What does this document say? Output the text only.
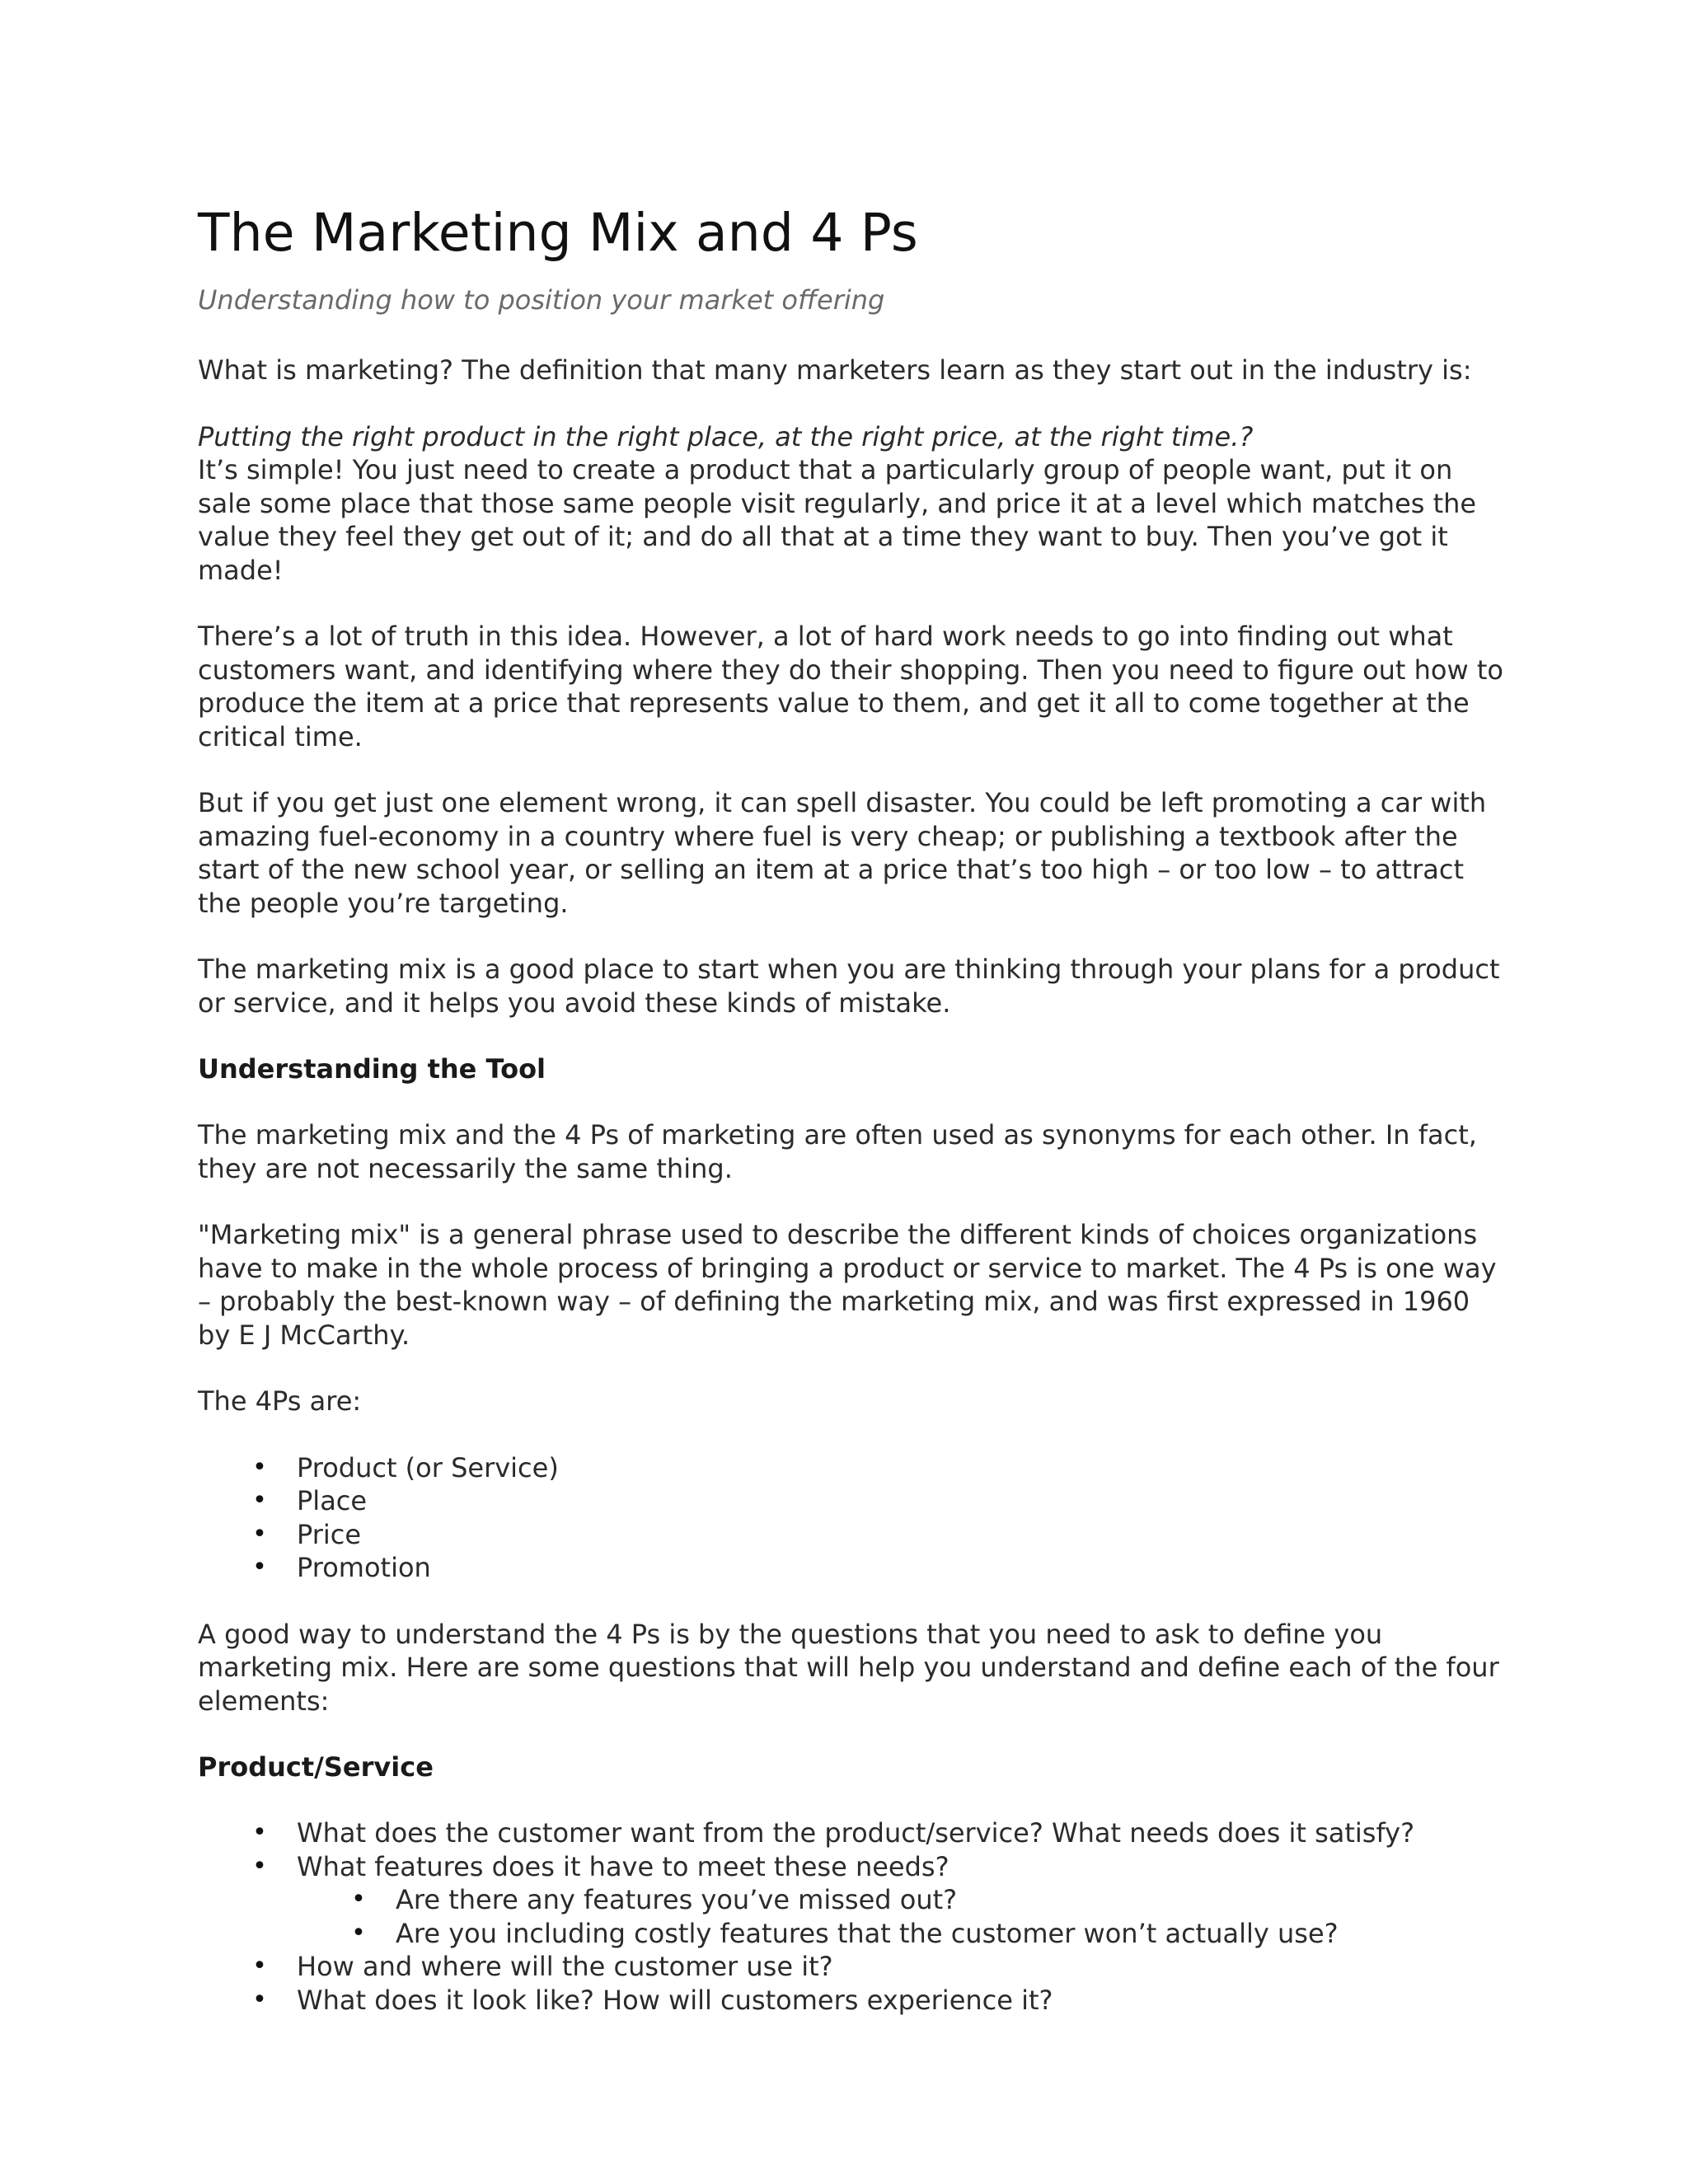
The Marketing Mix and 4 Ps

Understanding how to position your market offering

What is marketing? The definition that many marketers learn as they start out in the industry is:

Putting the right product in the right place, at the right price, at the right time.?

It’s simple! You just need to create a product that a particularly group of people want, put it on sale some place that those same people visit regularly, and price it at a level which matches the value they feel they get out of it; and do all that at a time they want to buy. Then you’ve got it made!

There’s a lot of truth in this idea. However, a lot of hard work needs to go into finding out what customers want, and identifying where they do their shopping. Then you need to figure out how to produce the item at a price that represents value to them, and get it all to come together at the critical time.

But if you get just one element wrong, it can spell disaster. You could be left promoting a car with amazing fuel-economy in a country where fuel is very cheap; or publishing a textbook after the start of the new school year, or selling an item at a price that’s too high – or too low – to attract the people you’re targeting.

The marketing mix is a good place to start when you are thinking through your plans for a product or service, and it helps you avoid these kinds of mistake.

Understanding the Tool

The marketing mix and the 4 Ps of marketing are often used as synonyms for each other. In fact, they are not necessarily the same thing.

"Marketing mix" is a general phrase used to describe the different kinds of choices organizations have to make in the whole process of bringing a product or service to market. The 4 Ps is one way – probably the best-known way – of defining the marketing mix, and was first expressed in 1960 by E J McCarthy.

The 4Ps are:

• Product (or Service)
• Place
• Price
• Promotion

A good way to understand the 4 Ps is by the questions that you need to ask to define you marketing mix. Here are some questions that will help you understand and define each of the four elements:

Product/Service
• What does the customer want from the product/service? What needs does it satisfy?
• What features does it have to meet these needs?
• Are there any features you’ve missed out?
• Are you including costly features that the customer won’t actually use?
• How and where will the customer use it?
• What does it look like? How will customers experience it?
